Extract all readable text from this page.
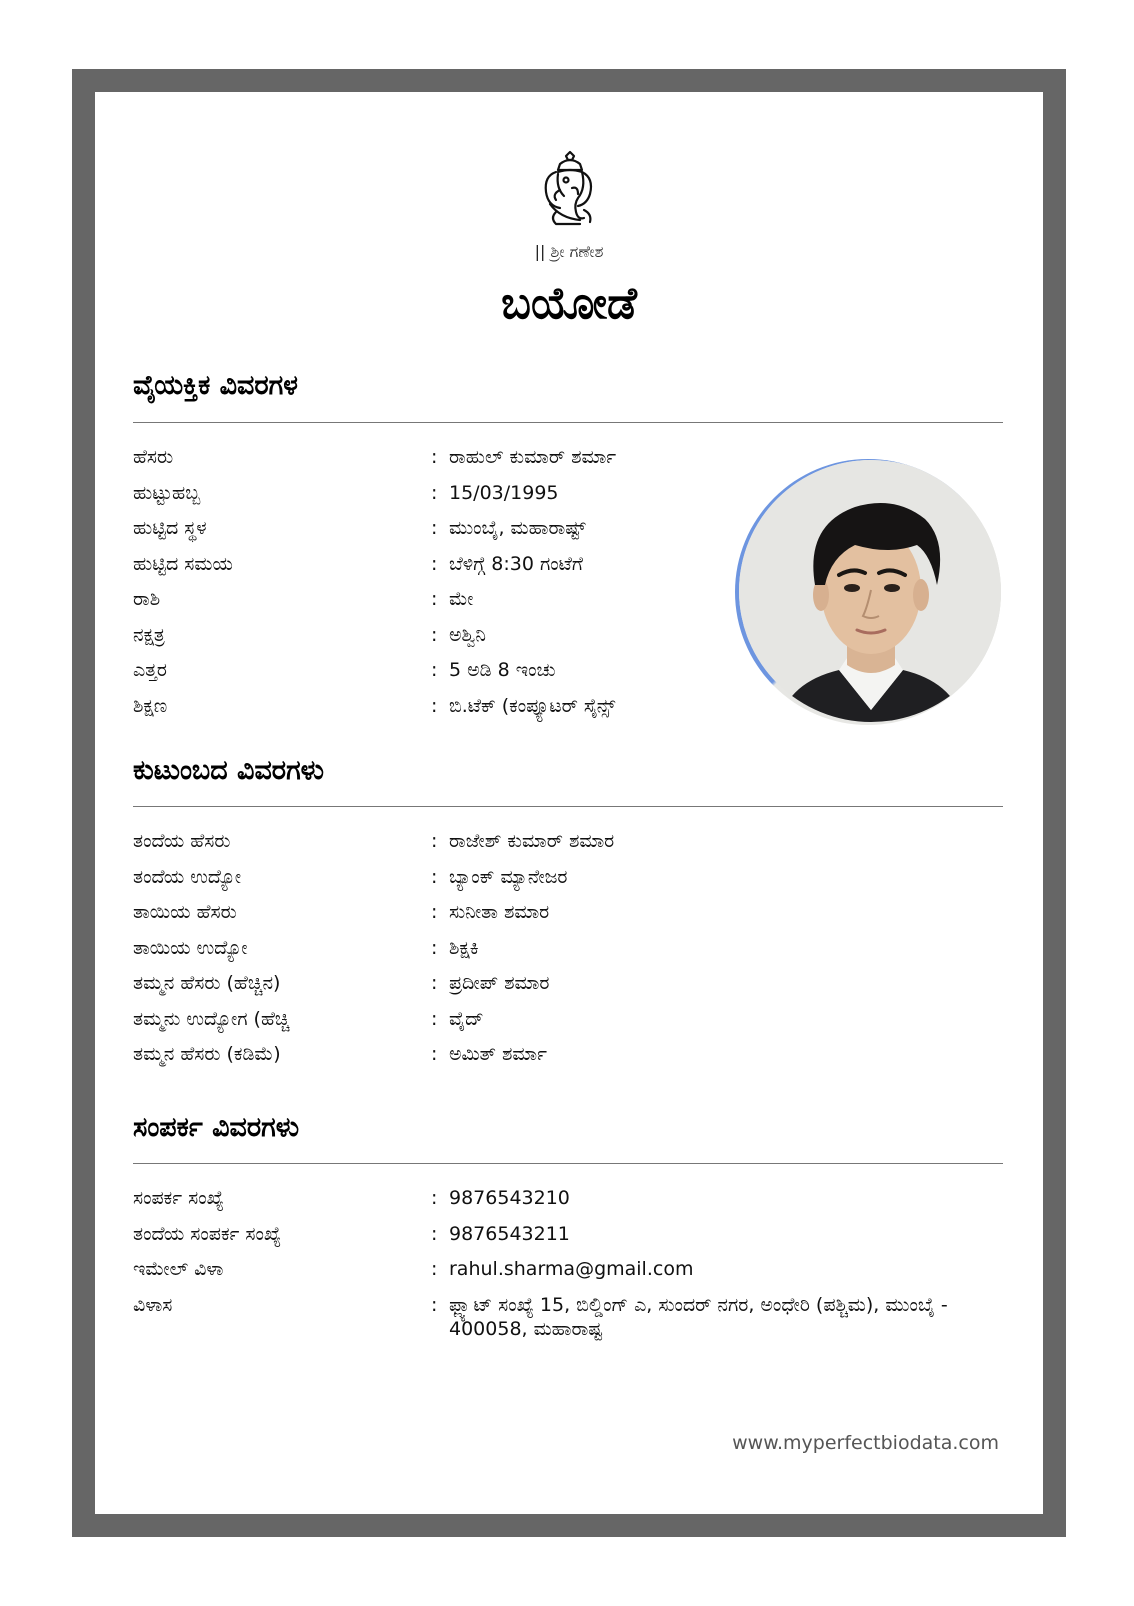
|| ಶ್ರೀ ಗಣೇಶ
ಬಯೋಡೆ
ವೈಯಕ್ತಿಕ ವಿವರಗಳ
ಹೆಸರು	: ರಾಹುಲ್ ಕುಮಾರ್ ಶರ್ಮಾ
ಹುಟ್ಟುಹಬ್ಬ	: 15/03/1995
ಹುಟ್ಟಿದ ಸ್ಥಳ	: ಮುಂಬೈ, ಮಹಾರಾಷ್ಟ್
ಹುಟ್ಟಿದ ಸಮಯ	: ಬೆಳಿಗ್ಗೆ 8:30 ಗಂಟೆಗೆ
ರಾಶಿ	: ಮೇ
ನಕ್ಷತ್ರ	: ಅಶ್ವಿನಿ
ಎತ್ತರ	: 5 ಅಡಿ 8 ಇಂಚು
ಶಿಕ್ಷಣ	: ಬಿ.ಟೆಕ್ (ಕಂಪ್ಯೂಟರ್ ಸೈನ್ಸ್
ಕುಟುಂಬದ ವಿವರಗಳು
ತಂದೆಯ ಹೆಸರು	: ರಾಜೇಶ್ ಕುಮಾರ್ ಶಮಾರ
ತಂದೆಯ ಉದ್ಯೋ	: ಬ್ಯಾಂಕ್ ಮ್ಯಾನೇಜರ
ತಾಯಿಯ ಹೆಸರು	: ಸುನೀತಾ ಶಮಾರ
ತಾಯಿಯ ಉದ್ಯೋ	: ಶಿಕ್ಷಕಿ
ತಮ್ಮನ ಹೆಸರು (ಹೆಚ್ಚಿನ)	: ಪ್ರದೀಪ್ ಶಮಾರ
ತಮ್ಮನು ಉದ್ಯೋಗ (ಹೆಚ್ಚಿ	: ವೈದ್
ತಮ್ಮನ ಹೆಸರು (ಕಡಿಮೆ)	: ಅಮಿತ್ ಶರ್ಮಾ
ಸಂಪರ್ಕ ವಿವರಗಳು
ಸಂಪರ್ಕ ಸಂಖ್ಯೆ	: 9876543210
ತಂದೆಯ ಸಂಪರ್ಕ ಸಂಖ್ಯೆ	: 9876543211
ಇಮೇಲ್ ವಿಳಾ	: rahul.sharma@gmail.com
ವಿಳಾಸ	: ಫ್ಲ್ಯಾಟ್ ಸಂಖ್ಯೆ 15, ಬಿಲ್ಡಿಂಗ್ ಎ, ಸುಂದರ್ ನಗರ, ಅಂಧೇರಿ (ಪಶ್ಚಿಮ), ಮುಂಬೈ - 400058, ಮಹಾರಾಷ್ಟ
www.myperfectbiodata.com
